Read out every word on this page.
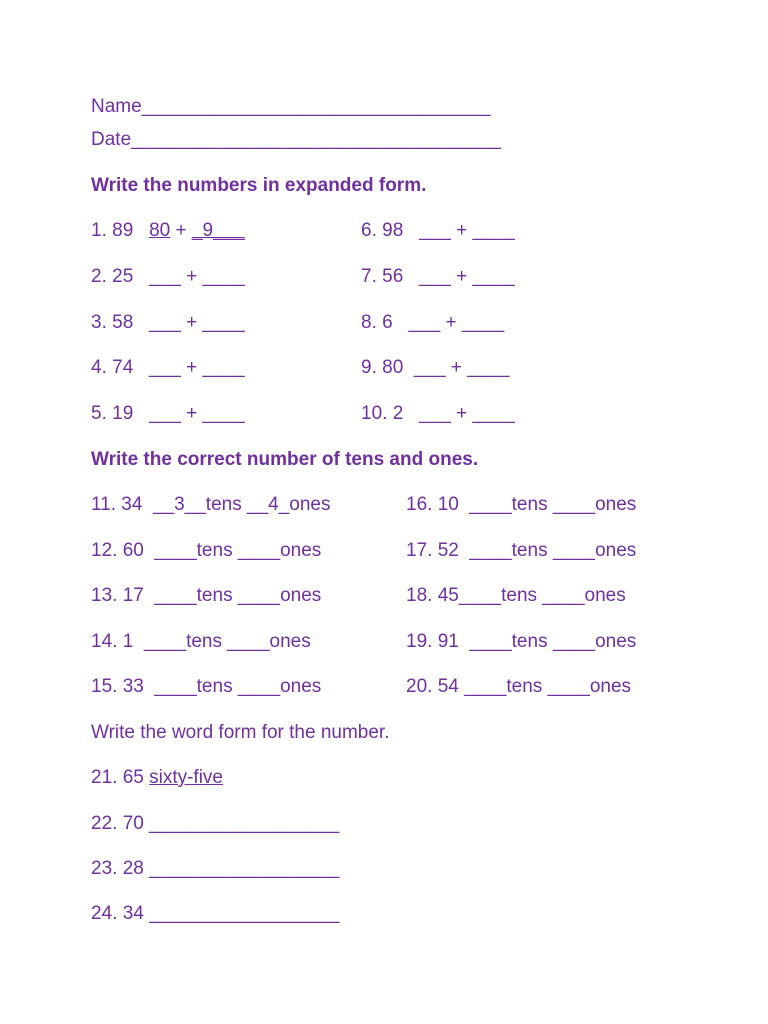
Name_________________________________
Date___________________________________
Write the numbers in expanded form.
1. 89   80 + _9___
2. 25   ___ + ____
3. 58   ___ + ____
4. 74   ___ + ____
5. 19   ___ + ____
6. 98   ___ + ____
7. 56   ___ + ____
8. 6   ___ + ____
9. 80  ___ + ____
10. 2   ___ + ____
Write the correct number of tens and ones.
11. 34  __3__tens __4_ones
12. 60  ____tens ____ones
13. 17  ____tens ____ones
14. 1  ____tens ____ones
15. 33  ____tens ____ones
16. 10  ____tens ____ones
17. 52  ____tens ____ones
18. 45____tens ____ones
19. 91  ____tens ____ones
20. 54 ____tens ____ones
Write the word form for the number.
21. 65 sixty-five
22. 70 __________________
23. 28 __________________
24. 34 __________________
